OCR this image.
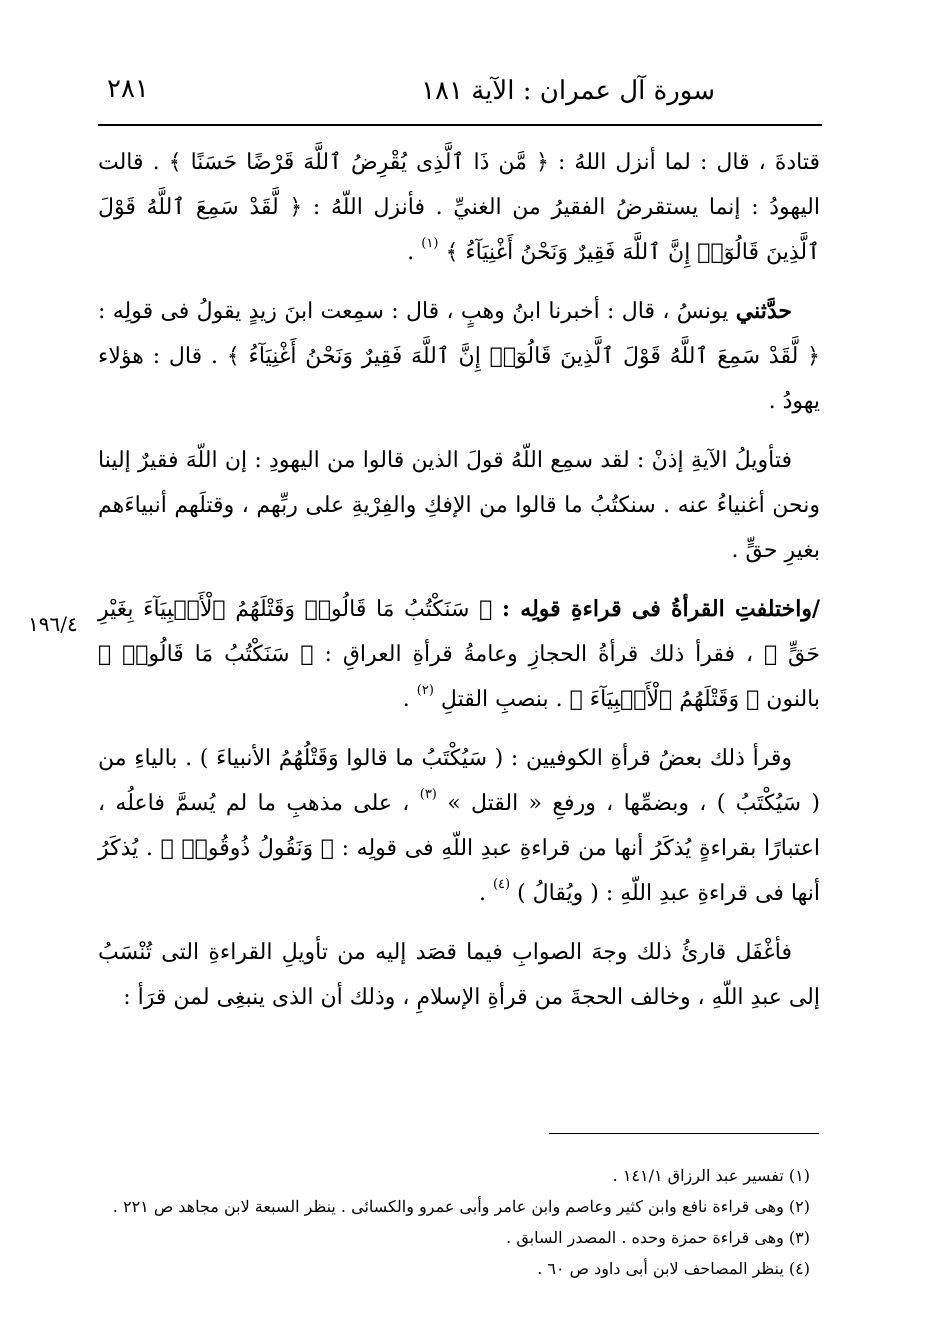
٢٨١	سورة آل عمران : الآية ١٨١
١٩٦/٤

قتادةَ ، قال : لما أنزل اللهُ : ﴿ مَّن ذَا ٱلَّذِى يُقْرِضُ ٱللَّهَ قَرْضًا حَسَنًا ﴾ . قالت اليهودُ : إنما يستقرضُ الفقيرُ من الغنيِّ . فأنزل اللّهُ : ﴿ لَّقَدْ سَمِعَ ٱللَّهُ قَوْلَ ٱلَّذِينَ قَالُوٓا۟ إِنَّ ٱللَّهَ فَقِيرٌ وَنَحْنُ أَغْنِيَآءُ ﴾ $^{(١)}$ .

حدَّثني يونسُ ، قال : أخبرنا ابنُ وهبٍ ، قال : سمِعت ابنَ زيدٍ يقولُ فى قولِه : ﴿ لَّقَدْ سَمِعَ ٱللَّهُ قَوْلَ ٱلَّذِينَ قَالُوٓا۟ إِنَّ ٱللَّهَ فَقِيرٌ وَنَحْنُ أَغْنِيَآءُ ﴾ . قال : هؤلاء يهودُ .

فتأويلُ الآيةِ إذنْ : لقد سمِع اللّهُ قولَ الذين قالوا من اليهودِ : إن اللّهَ فقيرٌ إلينا ونحن أغنياءُ عنه . سنكتُبُ ما قالوا من الإفكِ والفِرْيةِ على ربِّهم ، وقتلَهم أنبياءَهم بغيرِ حقٍّ .

/واختلفتِ القرأةُ فى قراءةِ قولِه : ﴿ سَنَكْتُبُ مَا قَالُوا۟ وَقَتْلَهُمُ ٱلْأَنۢبِيَآءَ بِغَيْرِ حَقٍّ ﴾ ، فقرأ ذلك قرأةُ الحجازِ وعامةُ قرأةِ العراقِ : ﴿ سَنَكْتُبُ مَا قَالُوا۟ ﴾ بالنون ﴿ وَقَتْلَهُمُ ٱلْأَنۢبِيَآءَ ﴾ . بنصبِ القتلِ $^{(٢)}$ .

وقرأ ذلك بعضُ قرأةِ الكوفيين : ( سَيُكْتَبُ ما قالوا وَقَتْلُهُمُ الأنبياءَ ) . بالياءِ من ( سَيُكْتَبُ ) ، وبضمِّها ، ورفعِ « القتل » $^{(٣)}$ ، على مذهبِ ما لم يُسمَّ فاعلُه ، اعتبارًا بقراءةٍ يُذكَرُ أنها من قراءةِ عبدِ اللّهِ فى قولِه : ﴿ وَنَقُولُ ذُوقُوا۟ ﴾ . يُذكَرُ أنها فى قراءةِ عبدِ اللّهِ : ( ويُقالُ ) $^{(٤)}$ .

فأغْفَل قارئُ ذلك وجهَ الصوابِ فيما قصَد إليه من تأويلِ القراءةِ التى تُنْسَبُ إلى عبدِ اللّهِ ، وخالف الحجةَ من قرأةِ الإسلامِ ، وذلك أن الذى ينبغِى لمن قرَأ :

(١) تفسير عبد الرزاق ١٤١/١ .
(٢) وهى قراءة نافع وابن كثير وعاصم وابن عامر وأبى عمرو والكسائى . ينظر السبعة لابن مجاهد ص ٢٢١ .
(٣) وهى قراءة حمزة وحده . المصدر السابق .
(٤) ينظر المصاحف لابن أبى داود ص ٦٠ .
